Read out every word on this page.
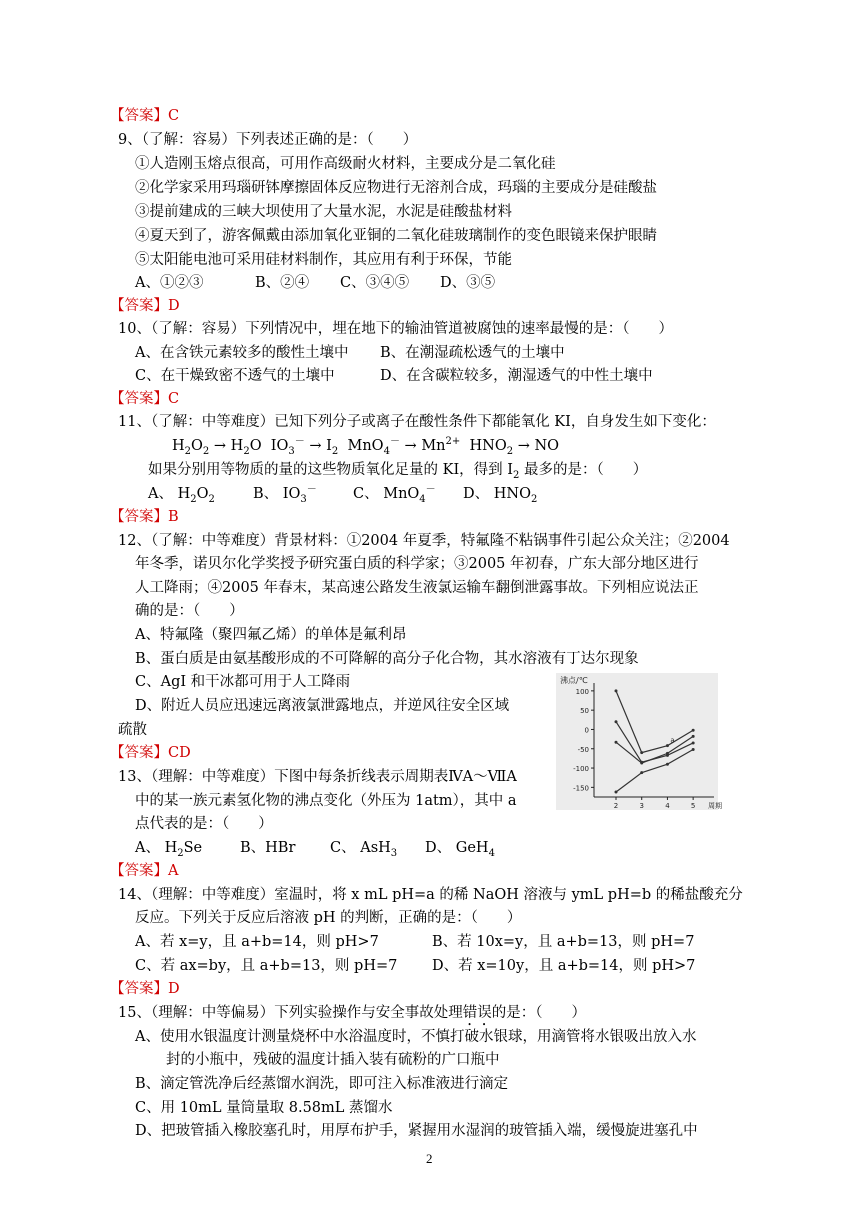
【答案】C
9、（了解：容易）下列表述正确的是：（　　）
①人造刚玉熔点很高，可用作高级耐火材料，主要成分是二氧化硅
②化学家采用玛瑙研钵摩擦固体反应物进行无溶剂合成，玛瑙的主要成分是硅酸盐
③提前建成的三峡大坝使用了大量水泥，水泥是硅酸盐材料
④夏天到了，游客佩戴由添加氧化亚铜的二氧化硅玻璃制作的变色眼镜来保护眼睛
⑤太阳能电池可采用硅材料制作，其应用有利于环保，节能
A、①②③	B、②④ C、③④⑤ D、③⑤
【答案】D
10、（了解：容易）下列情况中，埋在地下的输油管道被腐蚀的速率最慢的是：（　　）
A、在含铁元素较多的酸性土壤中 B、在潮湿疏松透气的土壤中
C、在干燥致密不透气的土壤中	D、在含碳粒较多，潮湿透气的中性土壤中
【答案】C
11、（了解：中等难度）已知下列分子或离子在酸性条件下都能氧化 KI，自身发生如下变化：
$H_2O_2 \to H_2O$  $IO_3^- \to I_2$  $MnO_4^- \to Mn^{2+}$  $HNO_2$ → NO
如果分别用等物质的量的这些物质氧化足量的 KI，得到 $I_2$ 最多的是：（　　）
A、 $H_2O_2$	B、 $IO_3^-$ C、 MnO$_4$－ D、 $HNO_2$
【答案】B
12、（了解：中等难度）背景材料：①2004 年夏季，特氟隆不粘锅事件引起公众关注；②2004
年冬季，诺贝尔化学奖授予研究蛋白质的科学家；③2005 年初春，广东大部分地区进行
人工降雨；④2005 年春末，某高速公路发生液氯运输车翻倒泄露事故。下列相应说法正
确的是：（　　）
A、特氟隆（聚四氟乙烯）的单体是氟利昂
B、蛋白质是由氨基酸形成的不可降解的高分子化合物，其水溶液有丁达尔现象
C、AgI 和干冰都可用于人工降雨
D、附近人员应迅速远离液氯泄露地点，并逆风往安全区域
疏散
【答案】CD
13、（理解：中等难度）下图中每条折线表示周期表ⅣA～ⅦA
中的某一族元素氢化物的沸点变化（外压为 1atm），其中 a
点代表的是：（　　）
A、 $H_2Se$	B、HBr C、 AsH$_3$ D、 GeH$_4$
【答案】A
沸点/℃
100
50
0
-50
-100
-150
2	3	4	5 周期
a
14、（理解：中等难度）室温时，将 x mL pH=a 的稀 NaOH 溶液与 ymL pH=b 的稀盐酸充分
反应。下列关于反应后溶液 pH 的判断，正确的是：（　　）
A、若 x=y，且 a+b=14，则 pH>7	B、若 10x=y，且 a+b=13，则 pH=7
C、若 ax=by，且 a+b=13，则 pH=7 D、若 x=10y，且 a+b=14，则 pH>7
【答案】D
15、（理解：中等偏易）下列实验操作与安全事故处理错误的是：（　　）
A、使用水银温度计测量烧杯中水浴温度时，不慎打破水银球，用滴管将水银吸出放入水
封的小瓶中，残破的温度计插入装有硫粉的广口瓶中
B、滴定管洗净后经蒸馏水润洗，即可注入标准液进行滴定
C、用 10mL 量筒量取 8.58mL 蒸馏水
D、把玻管插入橡胶塞孔时，用厚布护手，紧握用水湿润的玻管插入端，缓慢旋进塞孔中
2
